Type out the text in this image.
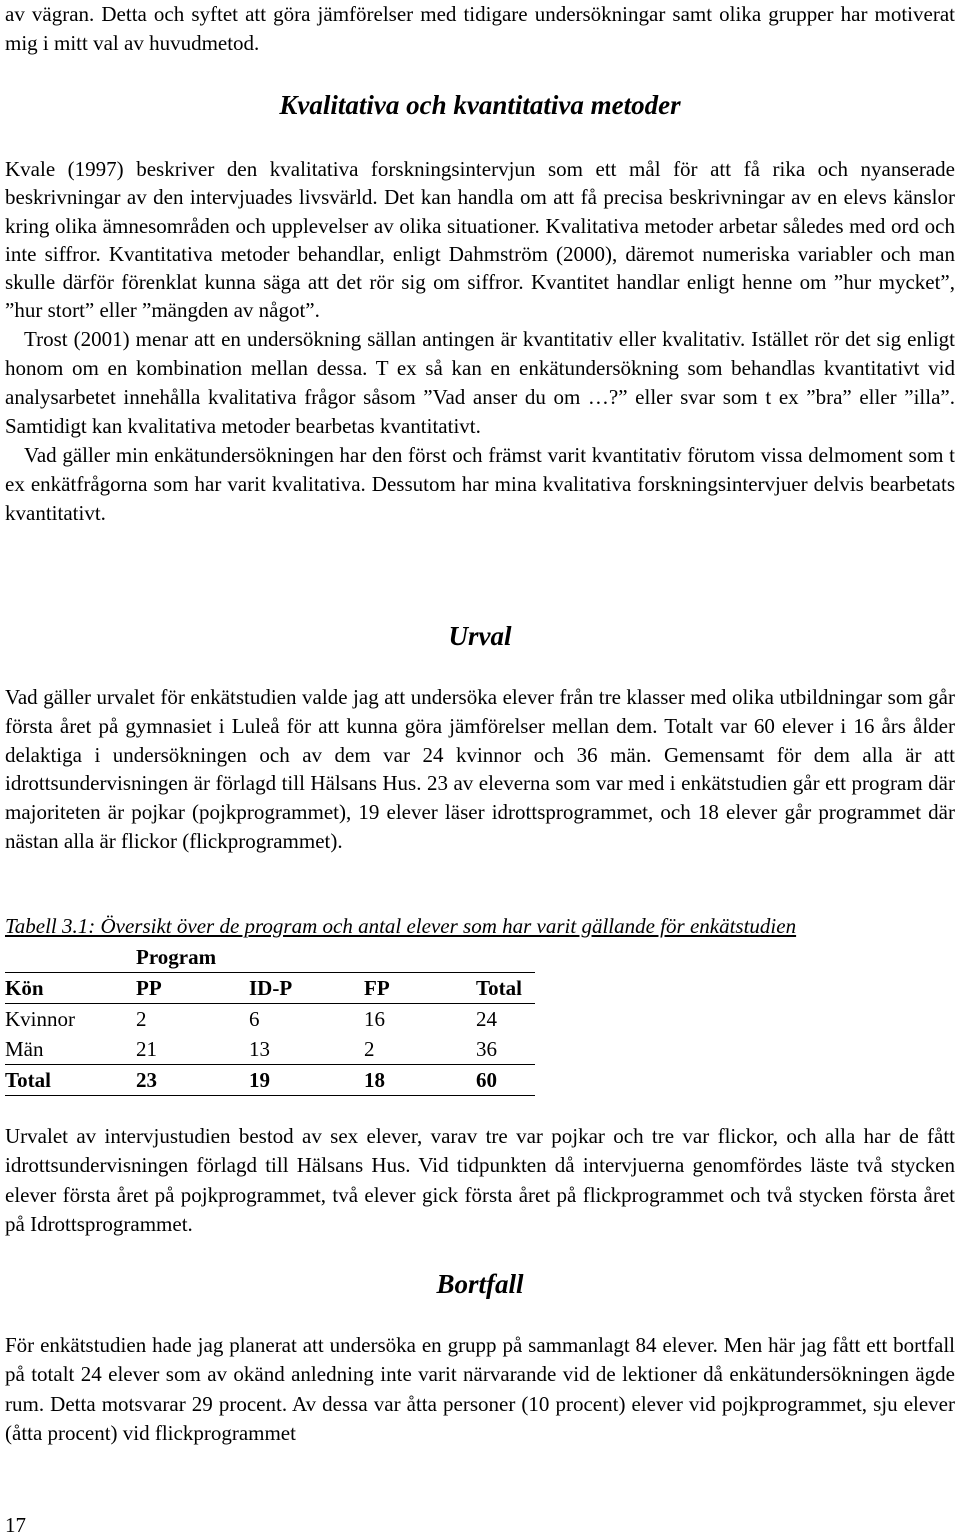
av vägran. Detta och syftet att göra jämförelser med tidigare undersökningar samt olika grupper har motiverat mig i mitt val av huvudmetod.

Kvalitativa och kvantitativa metoder

Kvale (1997) beskriver den kvalitativa forskningsintervjun som ett mål för att få rika och nyanserade beskrivningar av den intervjuades livsvärld. Det kan handla om att få precisa beskrivningar av en elevs känslor kring olika ämnesområden och upplevelser av olika situationer. Kvalitativa metoder arbetar således med ord och inte siffror. Kvantitativa metoder behandlar, enligt Dahmström (2000), däremot numeriska variabler och man skulle därför förenklat kunna säga att det rör sig om siffror. Kvantitet handlar enligt henne om ”hur mycket”, ”hur stort” eller ”mängden av något”.

Trost (2001) menar att en undersökning sällan antingen är kvantitativ eller kvalitativ. Istället rör det sig enligt honom om en kombination mellan dessa. T ex så kan en enkätundersökning som behandlas kvantitativt vid analysarbetet innehålla kvalitativa frågor såsom ”Vad anser du om …?” eller svar som t ex ”bra” eller ”illa”. Samtidigt kan kvalitativa metoder bearbetas kvantitativt.

Vad gäller min enkätundersökningen har den först och främst varit kvantitativ förutom vissa delmoment som t ex enkätfrågorna som har varit kvalitativa. Dessutom har mina kvalitativa forskningsintervjuer delvis bearbetats kvantitativt.

Urval

Vad gäller urvalet för enkätstudien valde jag att undersöka elever från tre klasser med olika utbildningar som går första året på gymnasiet i Luleå för att kunna göra jämförelser mellan dem. Totalt var 60 elever i 16 års ålder delaktiga i undersökningen och av dem var 24 kvinnor och 36 män. Gemensamt för dem alla är att idrottsundervisningen är förlagd till Hälsans Hus. 23 av eleverna som var med i enkätstudien går ett program där majoriteten är pojkar (pojkprogrammet), 19 elever läser idrottsprogrammet, och 18 elever går programmet där nästan alla är flickor (flickprogrammet).

Tabell 3.1: Översikt över de program och antal elever som har varit gällande för enkätstudien
	Program			
Kön	PP	ID-P	FP	Total
Kvinnor	2	6	16	24
Män	21	13	2	36
Total	23	19	18	60

Urvalet av intervjustudien bestod av sex elever, varav tre var pojkar och tre var flickor, och alla har de fått idrottsundervisningen förlagd till Hälsans Hus. Vid tidpunkten då intervjuerna genomfördes läste två stycken elever första året på pojkprogrammet, två elever gick första året på flickprogrammet och två stycken första året på Idrottsprogrammet.

Bortfall

För enkätstudien hade jag planerat att undersöka en grupp på sammanlagt 84 elever. Men här jag fått ett bortfall på totalt 24 elever som av okänd anledning inte varit närvarande vid de lektioner då enkätundersökningen ägde rum. Detta motsvarar 29 procent. Av dessa var åtta personer (10 procent) elever vid pojkprogrammet, sju elever (åtta procent) vid flickprogrammet

17
